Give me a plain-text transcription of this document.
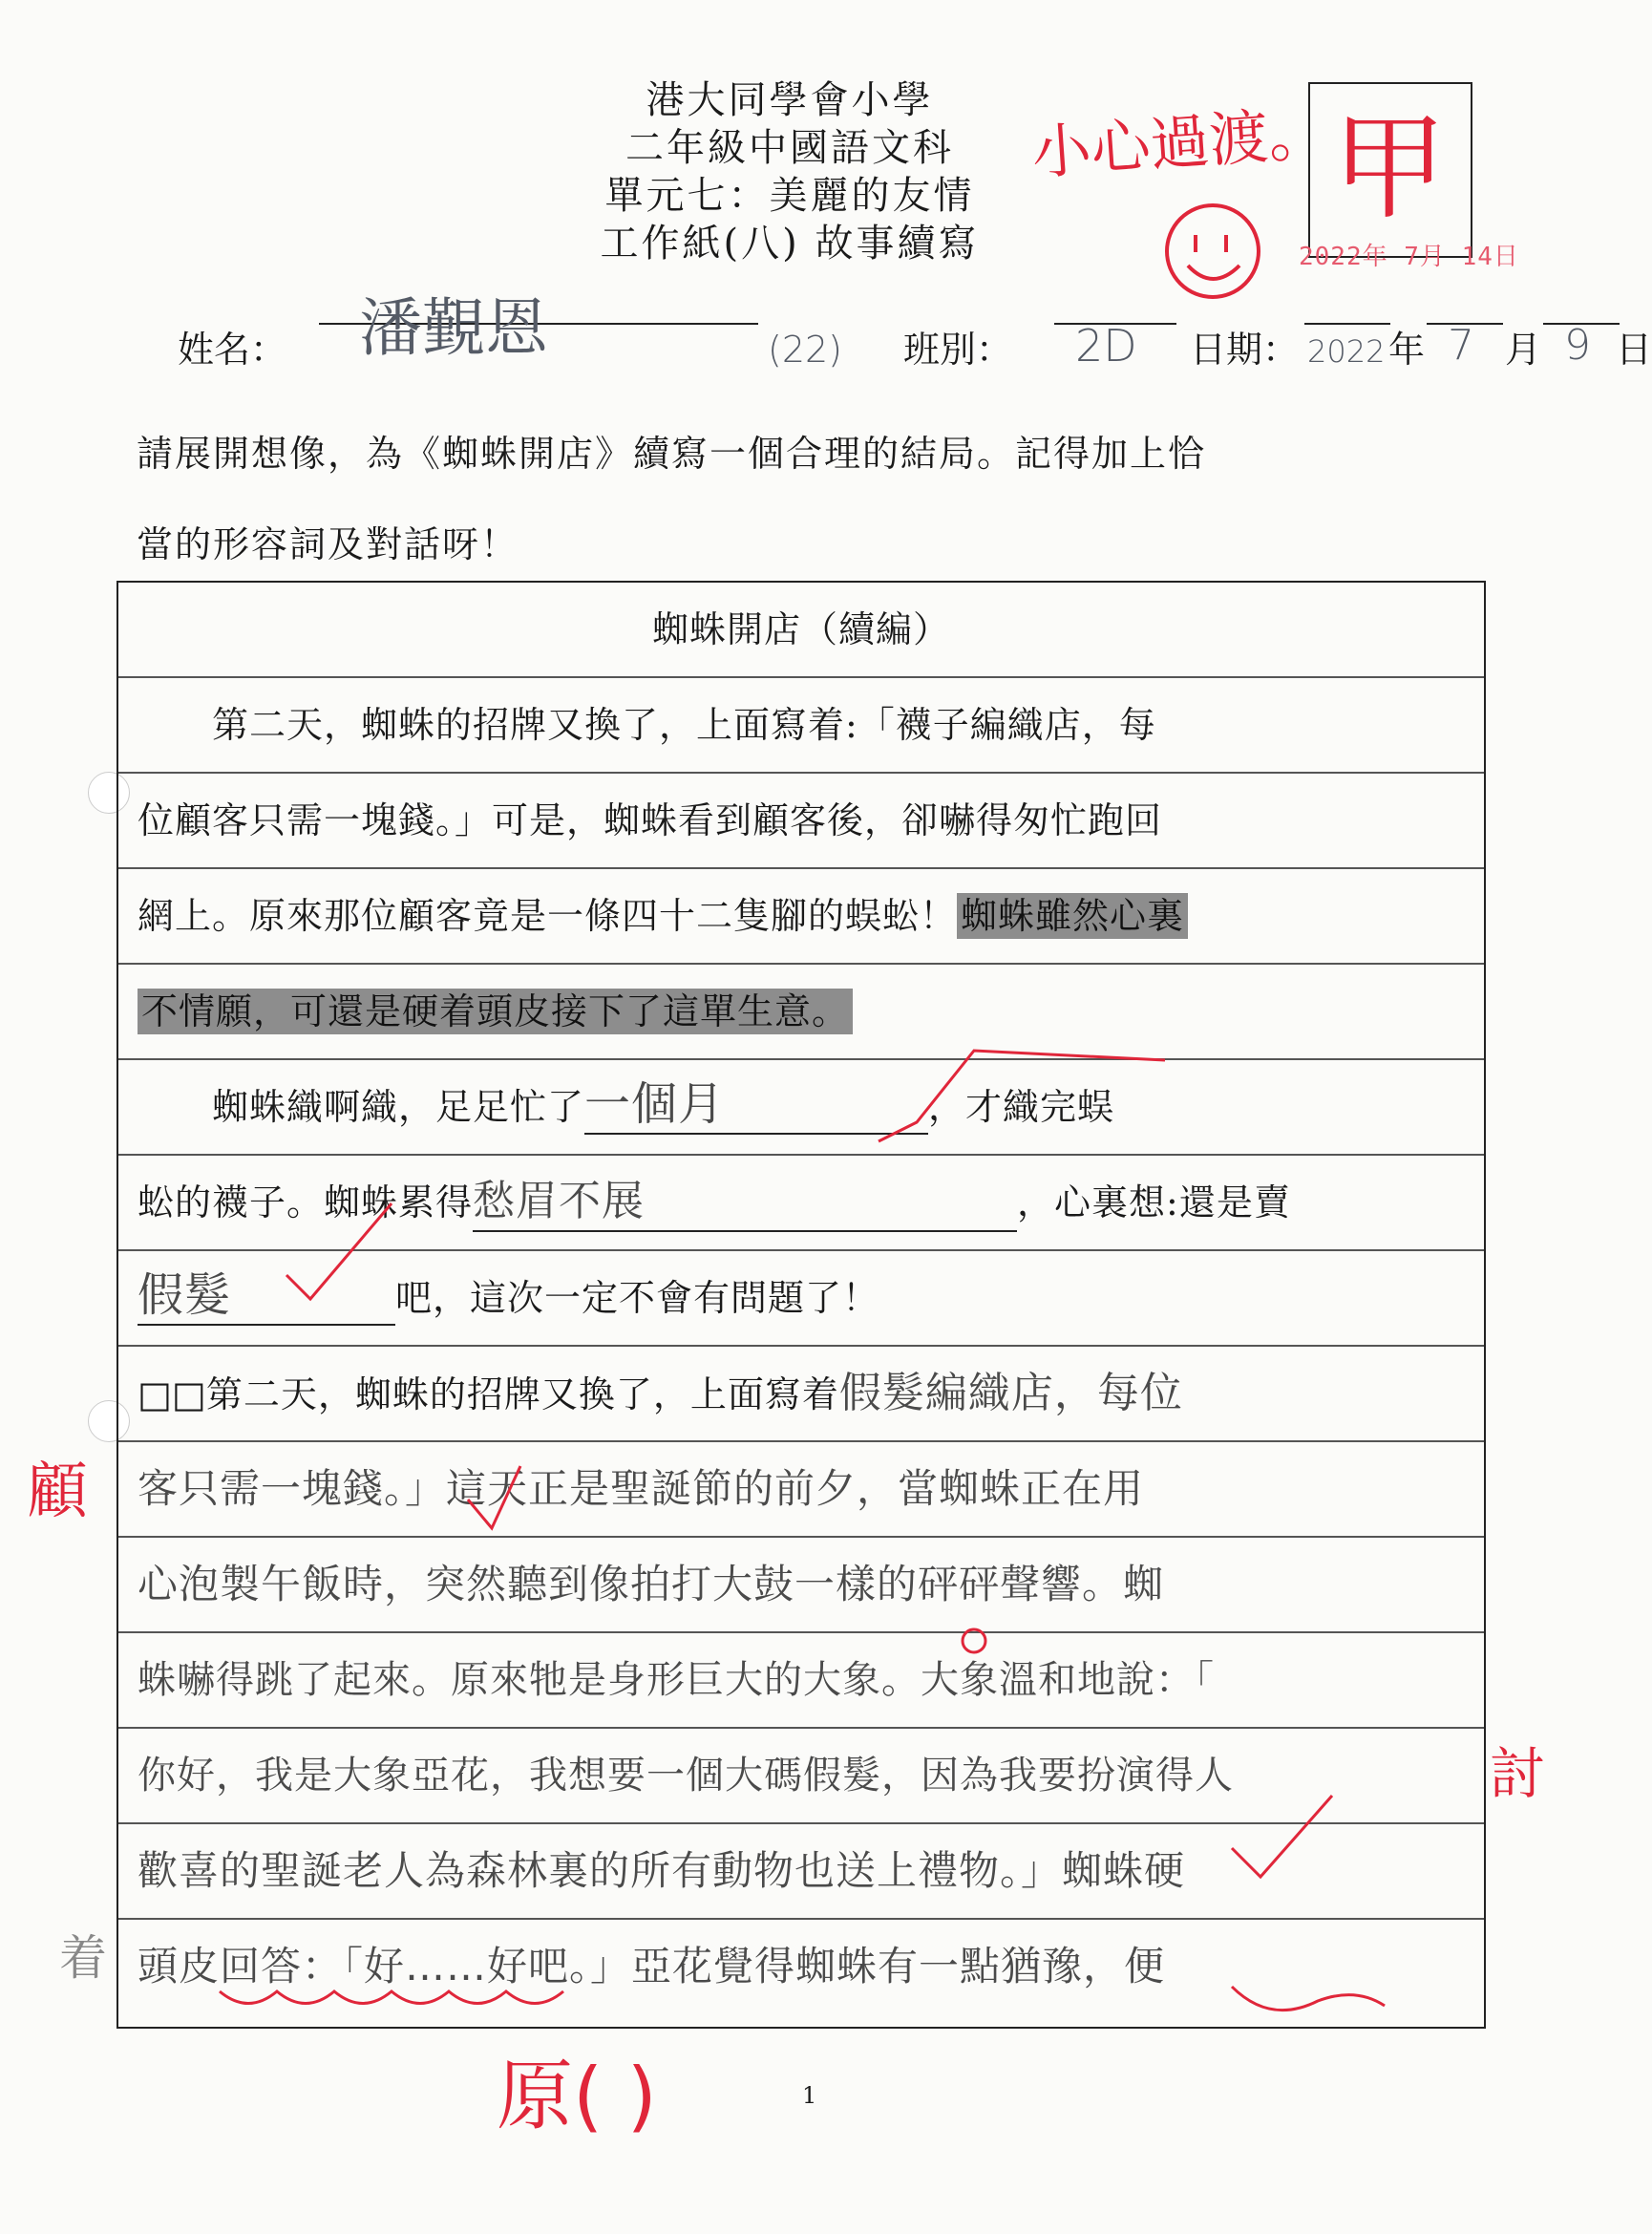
港大同學會小學
二年級中國語文科
單元七：美麗的友情
工作紙(八) 故事續寫	2022年 7月 14日
小心過渡。 甲
姓名： 潘覲恩	(22) 班別： 2D 日期： 2022 年 7 月 9 日
請展開想像，為《蜘蛛開店》續寫一個合理的結局。記得加上恰
當的形容詞及對話呀！
蜘蛛開店（續編）
第二天，蜘蛛的招牌又換了，上面寫着:「襪子編織店，每
位顧客只需一塊錢。」可是，蜘蛛看到顧客後，卻嚇得匆忙跑回
網上。原來那位顧客竟是一條四十二隻腳的蜈蚣！ 蜘蛛雖然心裏
不情願，可還是硬着頭皮接下了這單生意。
蜘蛛織啊織，足足忙了一個月	，才織完蜈
蚣的襪子。蜘蛛累得愁眉不展	，心裏想:還是賣
假髮	吧，這次一定不會有問題了！
□□第二天，蜘蛛的招牌又換了，上面寫着假髮編織店，每位
客只需一塊錢。」這天正是聖誕節的前夕，當蜘蛛正在用
心泡製午飯時，突然聽到像拍打大鼓一樣的砰砰聲響。蜘
蛛嚇得跳了起來。原來牠是身形巨大的大象。大象溫和地說：「
你好，我是大象亞花，我想要一個大碼假髮，因為我要扮演得人
歡喜的聖誕老人為森林裏的所有動物也送上禮物。」蜘蛛硬
頭皮回答：「好……好吧。」亞花覺得蜘蛛有一點猶豫，便
顧
討
原( )
着
1
